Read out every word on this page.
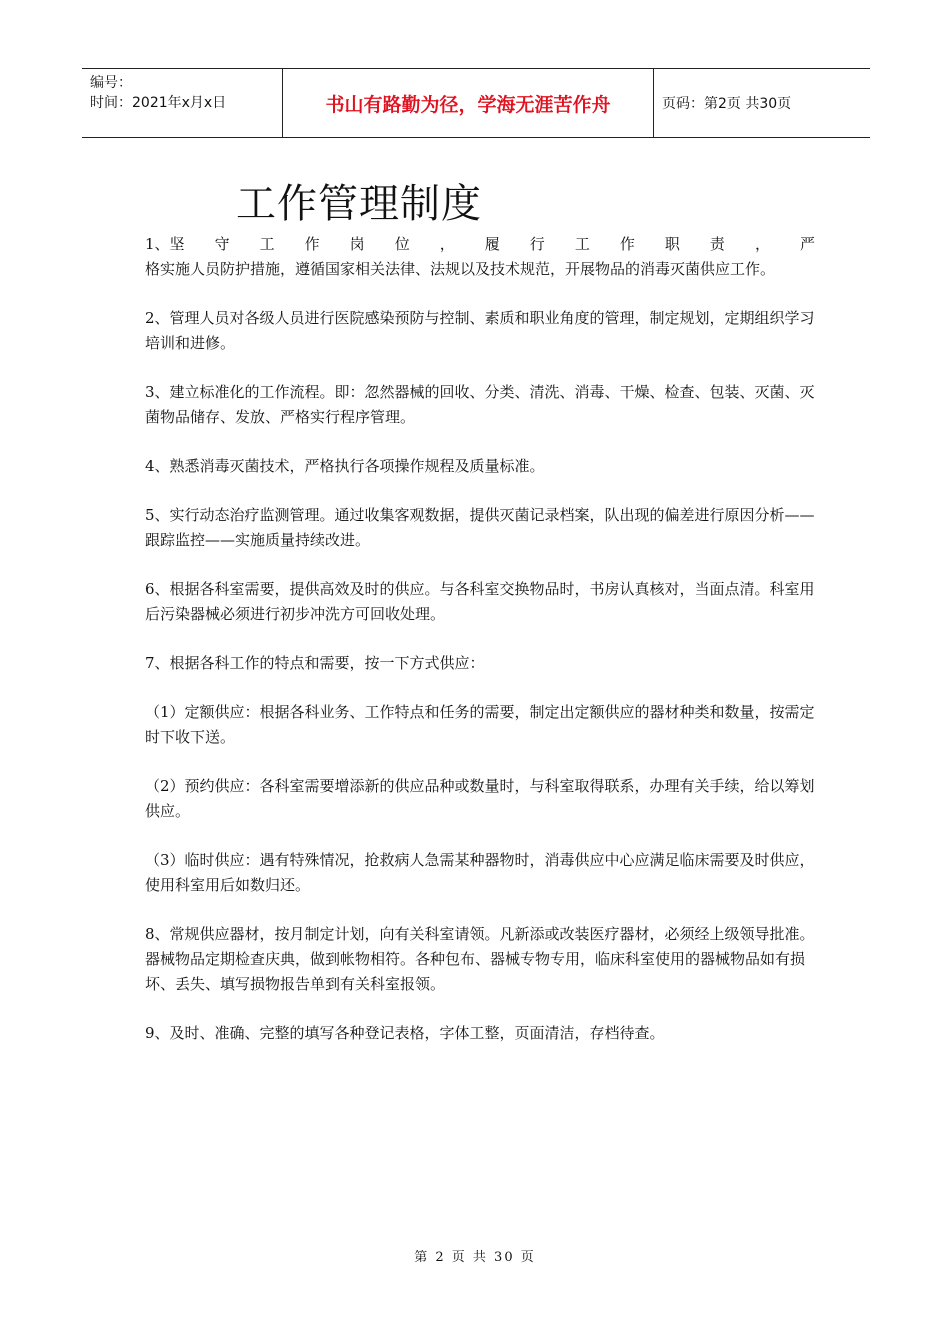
编号：
时间：2021年x月x日	书山有路勤为径，学海无涯苦作舟	页码：第2页 共30页
工作管理制度

1、坚 守 工 作 岗 位 ， 履 行 工 作 职 责 ， 严
格实施人员防护措施，遵循国家相关法律、法规以及技术规范，开展物品的消毒灭菌供应工作。

2、管理人员对各级人员进行医院感染预防与控制、素质和职业角度的管理，制定规划，定期组织学习培训和进修。

3、建立标准化的工作流程。即：忽然器械的回收、分类、清洗、消毒、干燥、检查、包装、灭菌、灭菌物品储存、发放、严格实行程序管理。

4、熟悉消毒灭菌技术，严格执行各项操作规程及质量标准。

5、实行动态治疗监测管理。通过收集客观数据，提供灭菌记录档案，队出现的偏差进行原因分析——跟踪监控——实施质量持续改进。

6、根据各科室需要，提供高效及时的供应。与各科室交换物品时，书房认真核对，当面点清。科室用后污染器械必须进行初步冲洗方可回收处理。

7、根据各科工作的特点和需要，按一下方式供应：

（1）定额供应：根据各科业务、工作特点和任务的需要，制定出定额供应的器材种类和数量，按需定时下收下送。

（2）预约供应：各科室需要增添新的供应品种或数量时，与科室取得联系，办理有关手续，给以筹划供应。

（3）临时供应：遇有特殊情况，抢救病人急需某种器物时，消毒供应中心应满足临床需要及时供应，使用科室用后如数归还。

8、常规供应器材，按月制定计划，向有关科室请领。凡新添或改装医疗器材，必须经上级领导批准。器械物品定期检查庆典，做到帐物相符。各种包布、器械专物专用，临床科室使用的器械物品如有损坏、丢失、填写损物报告单到有关科室报领。

9、及时、准确、完整的填写各种登记表格，字体工整，页面清洁，存档待查。

第 2 页 共 30 页
